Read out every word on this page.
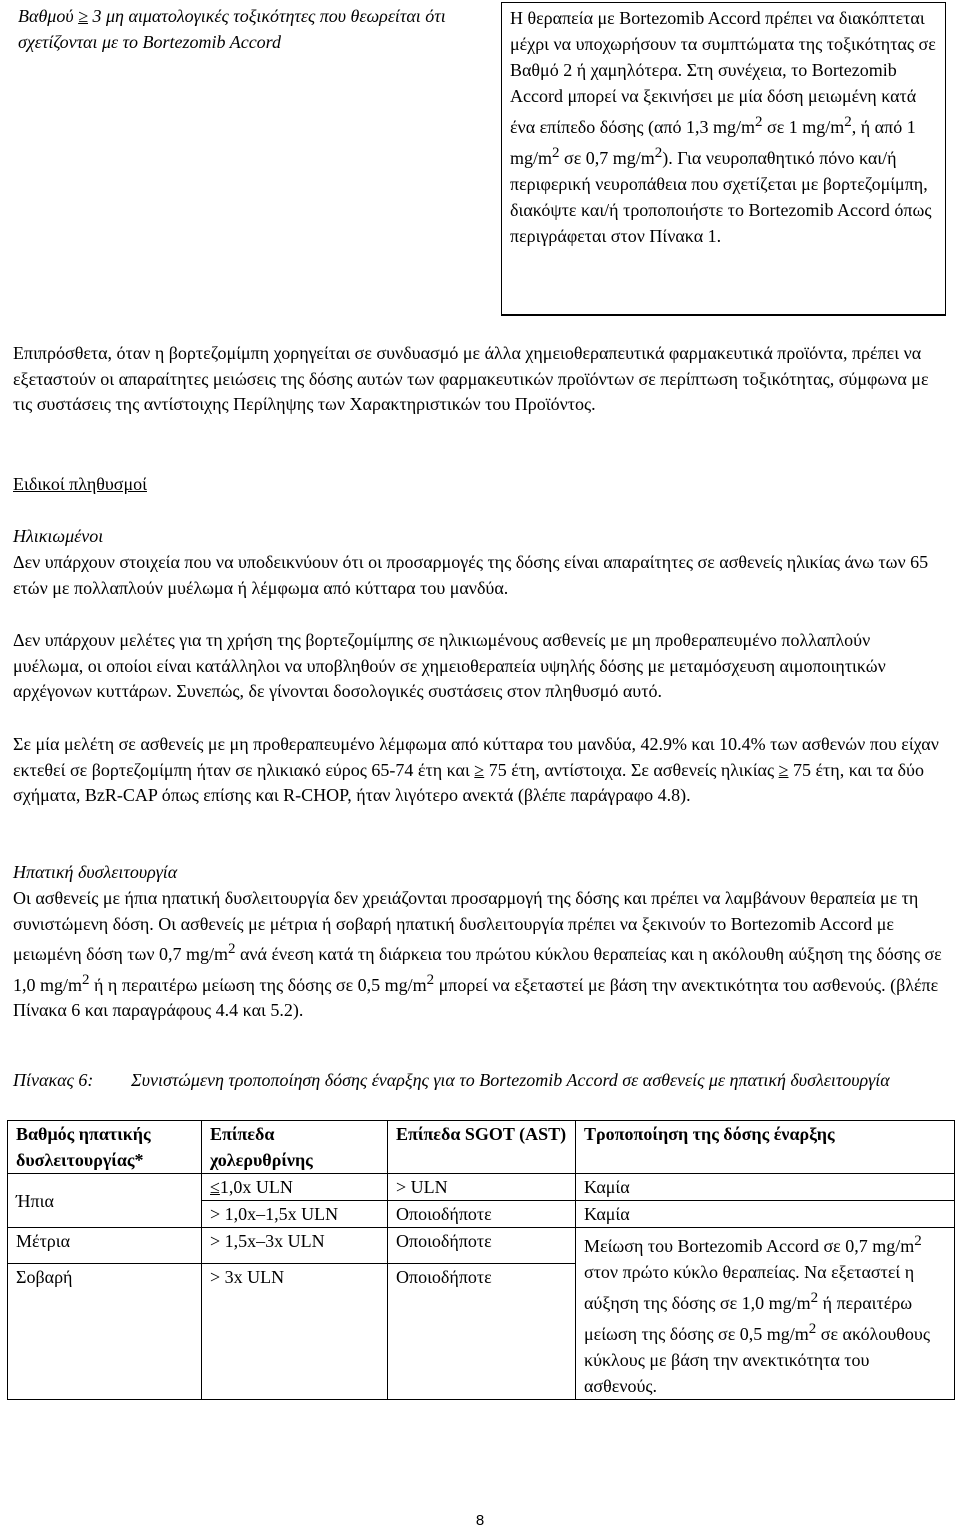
Βαθμού ≥ 3 μη αιματολογικές τοξικότητες που θεωρείται ότι σχετίζονται με το Bortezomib Accord	Η θεραπεία με Bortezomib Accord πρέπει να διακόπτεται μέχρι να υποχωρήσουν τα συμπτώματα της τοξικότητας σε Βαθμό 2 ή χαμηλότερα. Στη συνέχεια, το Bortezomib Accord μπορεί να ξεκινήσει με μία δόση μειωμένη κατά ένα επίπεδο δόσης (από 1,3 $mg/m^2$ σε 1 $mg/m^2$, ή από 1 $mg/m^2$ σε 0,7 $mg/m^2$). Για νευροπαθητικό πόνο και/ή περιφερική νευροπάθεια που σχετίζεται με βορτεζομίμπη, διακόψτε και/ή τροποποιήστε το Bortezomib Accord όπως περιγράφεται στον Πίνακα 1.

Επιπρόσθετα, όταν η βορτεζομίμπη χορηγείται σε συνδυασμό με άλλα χημειοθεραπευτικά φαρμακευτικά προϊόντα, πρέπει να εξεταστούν οι απαραίτητες μειώσεις της δόσης αυτών των φαρμακευτικών προϊόντων σε περίπτωση τοξικότητας, σύμφωνα με τις συστάσεις της αντίστοιχης Περίληψης των Χαρακτηριστικών του Προϊόντος.

Ειδικοί πληθυσμοί

Ηλικιωμένοι

Δεν υπάρχουν στοιχεία που να υποδεικνύουν ότι οι προσαρμογές της δόσης είναι απαραίτητες σε ασθενείς ηλικίας άνω των 65 ετών με πολλαπλούν μυέλωμα ή λέμφωμα από κύτταρα του μανδύα.

Δεν υπάρχουν μελέτες για τη χρήση της βορτεζομίμπης σε ηλικιωμένους ασθενείς με μη προθεραπευμένο πολλαπλούν μυέλωμα, οι οποίοι είναι κατάλληλοι να υποβληθούν σε χημειοθεραπεία υψηλής δόσης με μεταμόσχευση αιμοποιητικών αρχέγονων κυττάρων. Συνεπώς, δε γίνονται δοσολογικές συστάσεις στον πληθυσμό αυτό.

Σε μία μελέτη σε ασθενείς με μη προθεραπευμένο λέμφωμα από κύτταρα του μανδύα, 42.9% και 10.4% των ασθενών που είχαν εκτεθεί σε βορτεζομίμπη ήταν σε ηλικιακό εύρος 65-74 έτη και ≥ 75 έτη, αντίστοιχα. Σε ασθενείς ηλικίας ≥ 75 έτη, και τα δύο σχήματα, BzR-CAP όπως επίσης και R-CHOP, ήταν λιγότερο ανεκτά (βλέπε παράγραφο 4.8).

Ηπατική δυσλειτουργία

Οι ασθενείς με ήπια ηπατική δυσλειτουργία δεν χρειάζονται προσαρμογή της δόσης και πρέπει να λαμβάνουν θεραπεία με τη συνιστώμενη δόση. Οι ασθενείς με μέτρια ή σοβαρή ηπατική δυσλειτουργία πρέπει να ξεκινούν το Bortezomib Accord με μειωμένη δόση των 0,7 $mg/m^2$ ανά ένεση κατά τη διάρκεια του πρώτου κύκλου θεραπείας και η ακόλουθη αύξηση της δόσης σε 1,0 $mg/m^2$ ή η περαιτέρω μείωση της δόσης σε 0,5 $mg/m^2$ μπορεί να εξεταστεί με βάση την ανεκτικότητα του ασθενούς. (βλέπε Πίνακα 6 και παραγράφους 4.4 και 5.2).

Πίνακας 6:	Συνιστώμενη τροποποίηση δόσης έναρξης για το Bortezomib Accord σε ασθενείς με ηπατική δυσλειτουργία
Βαθμός ηπατικής δυσλειτουργίας*	Επίπεδα χολερυθρίνης	Επίπεδα SGOT (AST)	Τροποποίηση της δόσης έναρξης
Ήπια	≤1,0x ULN	> ULN	Καμία
	> 1,0x–1,5x ULN	Οποιοδήποτε	Καμία
Μέτρια	> 1,5x–3x ULN	Οποιοδήποτε	Μείωση του Bortezomib Accord σε 0,7 $mg/m^2$ στον πρώτο κύκλο θεραπείας. Να εξεταστεί η αύξηση της δόσης σε 1,0 $mg/m^2$ ή περαιτέρω μείωση της δόσης σε 0,5 $mg/m^2$ σε ακόλουθους κύκλους με βάση την ανεκτικότητα του ασθενούς.
Σοβαρή	> 3x ULN	Οποιοδήποτε	
8
